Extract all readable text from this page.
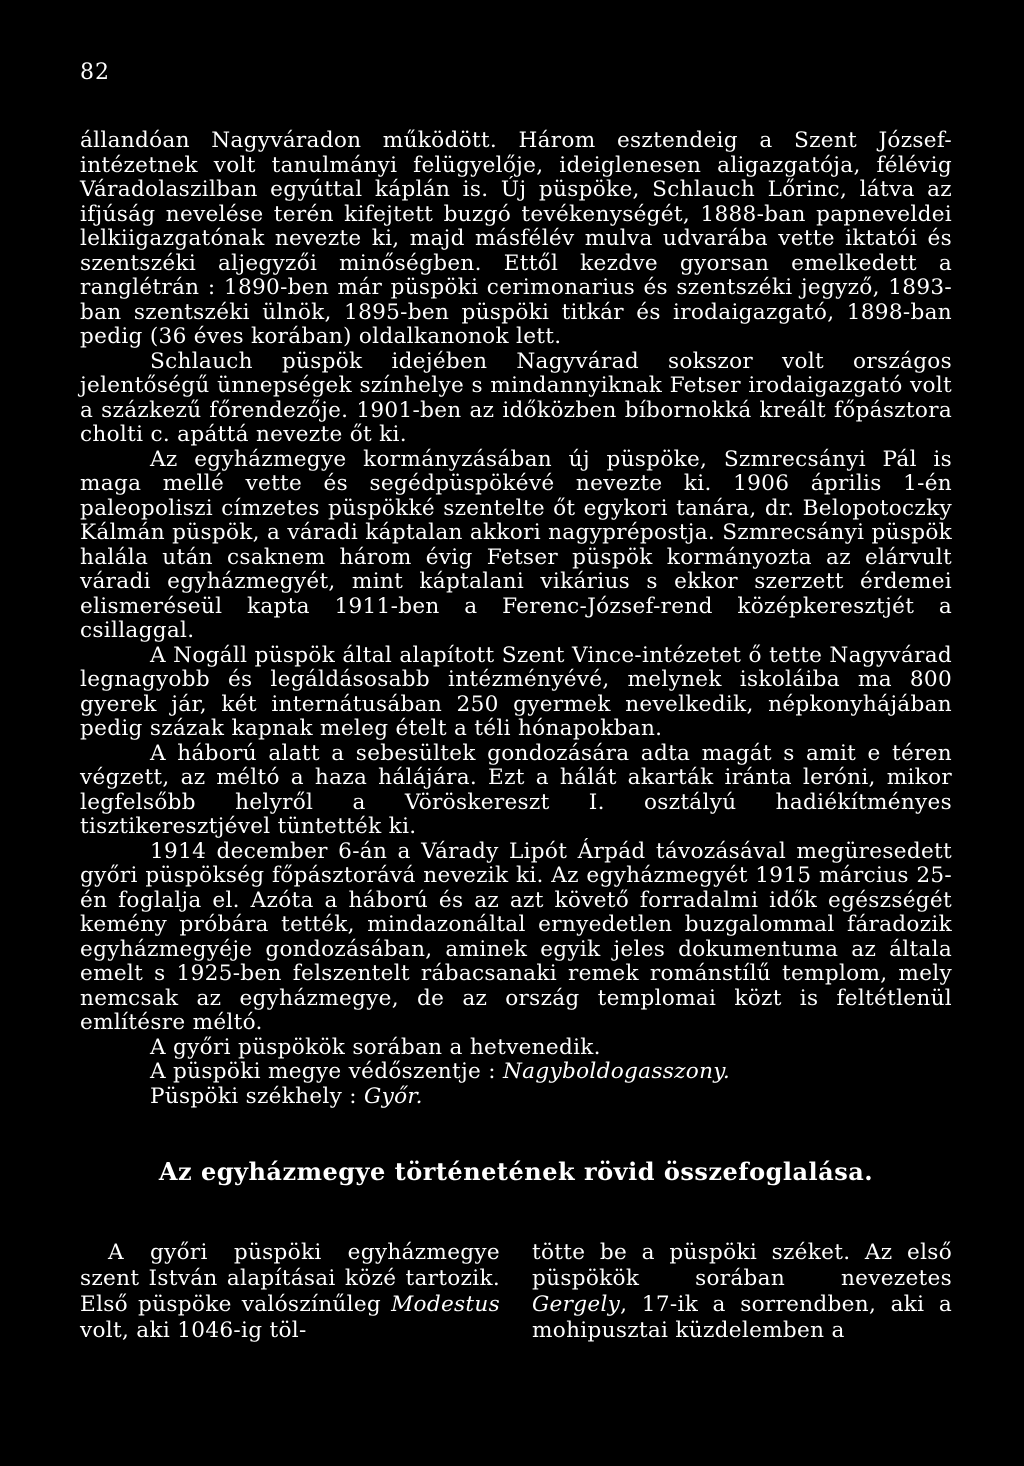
82

állandóan Nagyváradon működött. Három esztendeig a Szent József-intézetnek volt tanulmányi felügyelője, ideiglenesen aligazgatója, félévig Váradolaszilban egyúttal káplán is. Új püspöke, Schlauch Lőrinc, látva az ifjúság nevelése terén kifejtett buzgó tevékenységét, 1888-ban papneveldei lelkiigazgatónak nevezte ki, majd másfélév mulva udvarába vette iktatói és szentszéki aljegyzői minőségben. Ettől kezdve gyorsan emelkedett a ranglétrán : 1890-ben már püspöki cerimonarius és szentszéki jegyző, 1893-ban szentszéki ülnök, 1895-ben püspöki titkár és irodaigazgató, 1898-ban pedig (36 éves korában) oldalkanonok lett.

Schlauch püspök idejében Nagyvárad sokszor volt országos jelentőségű ünnepségek színhelye s mindannyiknak Fetser irodaigazgató volt a százkezű főrendezője. 1901-ben az időközben bíbornokká kreált főpásztora cholti c. apáttá nevezte őt ki.

Az egyházmegye kormányzásában új püspöke, Szmrecsányi Pál is maga mellé vette és segédpüspökévé nevezte ki. 1906 április 1-én paleopoliszi címzetes püspökké szentelte őt egykori tanára, dr. Belopotoczky Kálmán püspök, a váradi káptalan akkori nagyprépostja. Szmrecsányi püspök halála után csaknem három évig Fetser püspök kormányozta az elárvult váradi egyházmegyét, mint káptalani vikárius s ekkor szerzett érdemei elismeréseül kapta 1911-ben a Ferenc-József-rend középkeresztjét a csillaggal.

A Nogáll püspök által alapított Szent Vince-intézetet ő tette Nagyvárad legnagyobb és legáldásosabb intézményévé, melynek iskoláiba ma 800 gyerek jár, két internátusában 250 gyermek nevelkedik, népkonyhájában pedig százak kapnak meleg ételt a téli hónapokban.

A háború alatt a sebesültek gondozására adta magát s amit e téren végzett, az méltó a haza hálájára. Ezt a hálát akarták iránta leróni, mikor legfelsőbb helyről a Vöröskereszt I. osztályú hadiékítményes tisztikeresztjével tüntették ki.

1914 december 6-án a Várady Lipót Árpád távozásával megüresedett győri püspökség főpásztorává nevezik ki. Az egyházmegyét 1915 március 25-én foglalja el. Azóta a háború és az azt követő forradalmi idők egészségét kemény próbára tették, mindazonáltal ernyedetlen buzgalommal fáradozik egyházmegyéje gondozásában, aminek egyik jeles dokumentuma az általa emelt s 1925-ben felszentelt rábacsanaki remek románstílű templom, mely nemcsak az egyházmegye, de az ország templomai közt is feltétlenül említésre méltó.

A győri püspökök sorában a hetvenedik.

A püspöki megye védőszentje : Nagyboldogasszony.

Püspöki székhely : Győr.

Az egyházmegye történetének rövid összefoglalása.

A győri püspöki egyházmegye szent István alapításai közé tartozik. Első püspöke valószínűleg Modestus volt, aki 1046-ig töl-

tötte be a püspöki széket. Az első püspökök sorában nevezetes Gergely, 17-ik a sorrendben, aki a mohipusztai küzdelemben a
